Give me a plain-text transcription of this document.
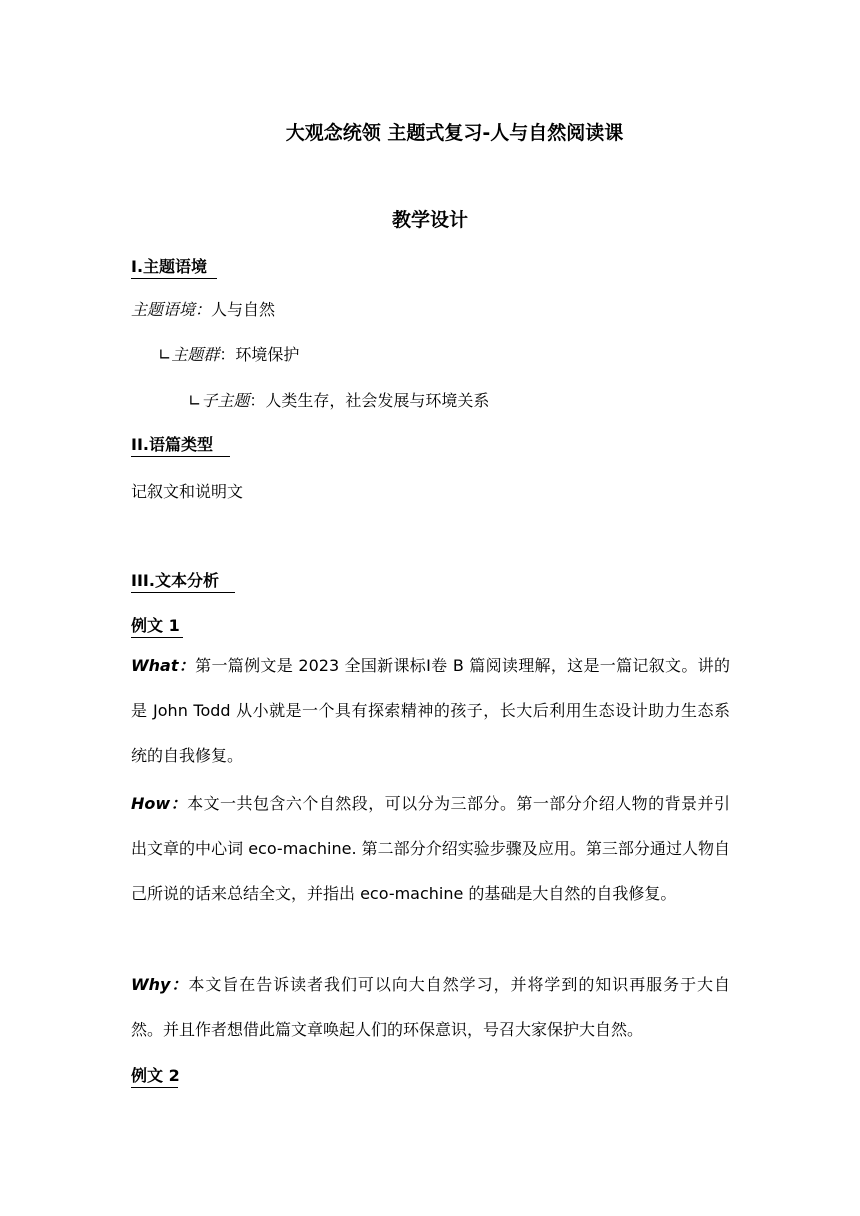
大观念统领 主题式复习-人与自然阅读课
教学设计
I.主题语境
主题语境：人与自然
∟主题群：环境保护
∟子主题：人类生存，社会发展与环境关系
II.语篇类型
记叙文和说明文
III.文本分析
例文 1
What：第一篇例文是 2023 全国新课标I卷 B 篇阅读理解，这是一篇记叙文。讲的是 John Todd 从小就是一个具有探索精神的孩子，长大后利用生态设计助力生态系统的自我修复。
How：本文一共包含六个自然段，可以分为三部分。第一部分介绍人物的背景并引出文章的中心词 eco-machine. 第二部分介绍实验步骤及应用。第三部分通过人物自己所说的话来总结全文，并指出 eco-machine 的基础是大自然的自我修复。
Why：本文旨在告诉读者我们可以向大自然学习，并将学到的知识再服务于大自然。并且作者想借此篇文章唤起人们的环保意识，号召大家保护大自然。
例文 2
